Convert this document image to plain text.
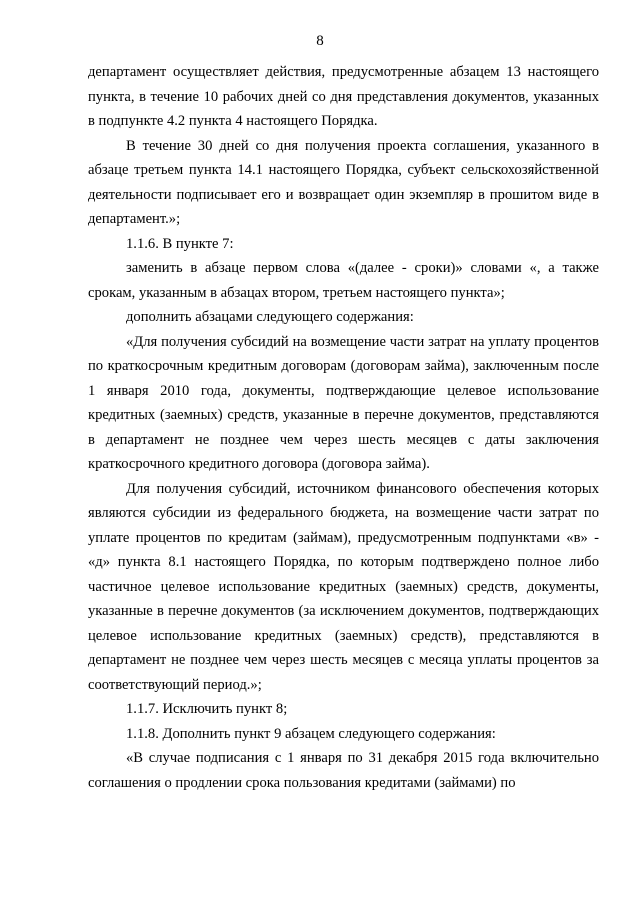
8

департамент осуществляет действия, предусмотренные абзацем 13 настоящего пункта, в течение 10 рабочих дней со дня представления документов, указанных в подпункте 4.2 пункта 4 настоящего Порядка.

В течение 30 дней со дня получения проекта соглашения, указанного в абзаце третьем пункта 14.1 настоящего Порядка, субъект сельскохозяйственной деятельности подписывает его и возвращает один экземпляр в прошитом виде в департамент.»;

1.1.6. В пункте 7:

заменить в абзаце первом слова «(далее - сроки)» словами «, а также срокам, указанным в абзацах втором, третьем настоящего пункта»;

дополнить абзацами следующего содержания:

«Для получения субсидий на возмещение части затрат на уплату процентов по краткосрочным кредитным договорам (договорам займа), заключенным после 1 января 2010 года, документы, подтверждающие целевое использование кредитных (заемных) средств, указанные в перечне документов, представляются в департамент не позднее чем через шесть месяцев с даты заключения краткосрочного кредитного договора (договора займа).

Для получения субсидий, источником финансового обеспечения которых являются субсидии из федерального бюджета, на возмещение части затрат по уплате процентов по кредитам (займам), предусмотренным подпунктами «в» - «д» пункта 8.1 настоящего Порядка, по которым подтверждено полное либо частичное целевое использование кредитных (заемных) средств, документы, указанные в перечне документов (за исключением документов, подтверждающих целевое использование кредитных (заемных) средств), представляются в департамент не позднее чем через шесть месяцев с месяца уплаты процентов за соответствующий период.»;

1.1.7. Исключить пункт 8;

1.1.8. Дополнить пункт 9 абзацем следующего содержания:

«В случае подписания с 1 января по 31 декабря 2015 года включительно соглашения о продлении срока пользования кредитами (займами) по
